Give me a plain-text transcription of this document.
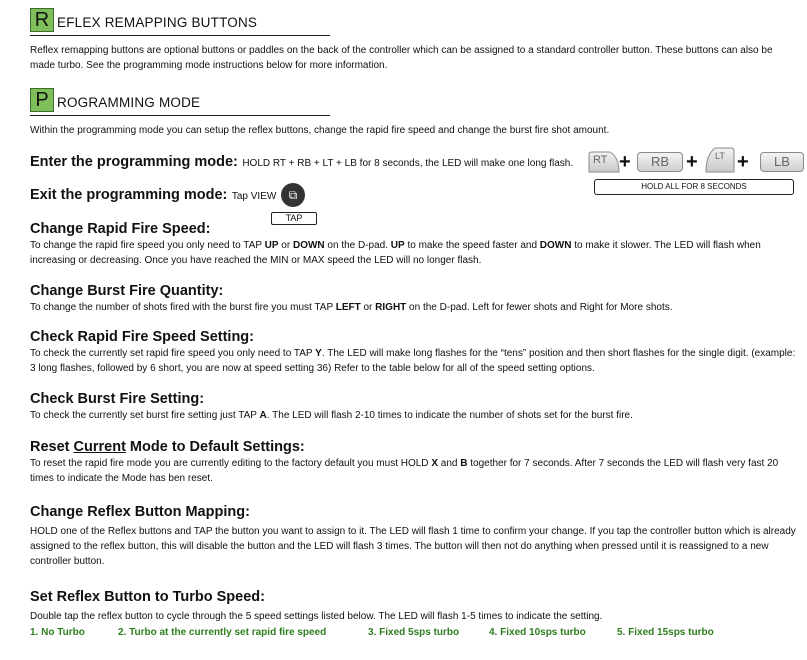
R EFLEX REMAPPING BUTTONS
Reflex remapping buttons are optional buttons or paddles on the back of the controller which can be assigned to a standard controller button. These buttons can also be made turbo. See the programming mode instructions below for more information.
P ROGRAMMING MODE
Within the programming mode you can setup the reflex buttons, change the rapid fire speed and change the burst fire shot amount.
Enter the programming mode: HOLD RT + RB + LT + LB for 8 seconds, the LED will make one long flash.	RT +	RB + LT +	LB
HOLD ALL FOR 8 SECONDS
Exit the programming mode: Tap VIEW	⧉
TAP
Change Rapid Fire Speed:
To change the rapid fire speed you only need to TAP UP or DOWN on the D-pad. UP to make the speed faster and DOWN to make it slower. The LED will flash when increasing or decreasing. Once you have reached the MIN or MAX speed the LED will no longer flash.
Change Burst Fire Quantity:
To change the number of shots fired with the burst fire you must TAP LEFT or RIGHT on the D-pad. Left for fewer shots and Right for More shots.
Check Rapid Fire Speed Setting:
To check the currently set rapid fire speed you only need to TAP Y. The LED will make long flashes for the “tens” position and then short flashes for the single digit. (example: 3 long flashes, followed by 6 short, you are now at speed setting 36) Refer to the table below for all of the speed setting options.
Check Burst Fire Setting:
To check the currently set burst fire setting just TAP A. The LED will flash 2-10 times to indicate the number of shots set for the burst fire.
Reset Current Mode to Default Settings:
To reset the rapid fire mode you are currently editing to the factory default you must HOLD X and B together for 7 seconds. After 7 seconds the LED will flash very fast 20 times to indicate the Mode has ben reset.
Change Reflex Button Mapping:
HOLD one of the Reflex buttons and TAP the button you want to assign to it. The LED will flash 1 time to confirm your change. If you tap the controller button which is already assigned to the reflex button, this will disable the button and the LED will flash 3 times. The button will then not do anything when pressed until it is reassigned to a new controller button.
Set Reflex Button to Turbo Speed:
Double tap the reflex button to cycle through the 5 speed settings listed below. The LED will flash 1-5 times to indicate the setting.
1. No Turbo	2. Turbo at the currently set rapid fire speed	3. Fixed 5sps turbo	4. Fixed 10sps turbo	5. Fixed 15sps turbo
